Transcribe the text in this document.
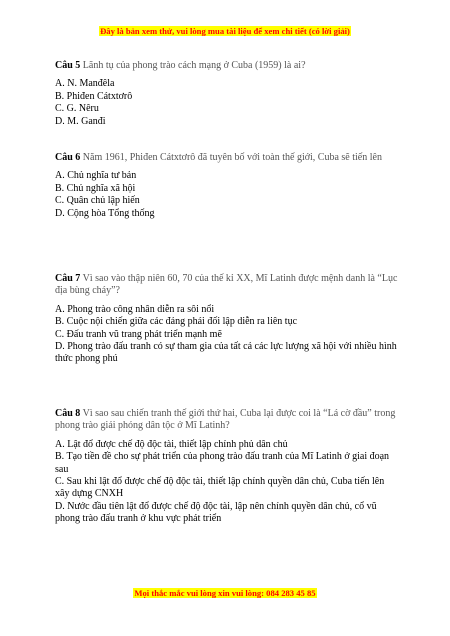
Đây là bản xem thử, vui lòng mua tài liệu để xem chi tiết (có lời giải)

Câu 5 Lãnh tụ của phong trào cách mạng ở Cuba (1959) là ai?

A. N. Manđêla
B. Phiđen Cátxtơrô
C. G. Nêru
D. M. Ganđi

Câu 6 Năm 1961, Phiđen Cátxtơrô đã tuyên bố với toàn thế giới, Cuba sẽ tiến lên

A. Chủ nghĩa tư bản
B. Chủ nghĩa xã hội
C. Quân chủ lập hiến
D. Cộng hòa Tổng thống

Câu 7 Vì sao vào thập niên 60, 70 của thế kỉ XX, Mĩ Latinh được mệnh danh là “Lục địa bùng cháy”?

A. Phong trào công nhân diễn ra sôi nổi
B. Cuộc nội chiến giữa các đảng phái đối lập diễn ra liên tục
C. Đấu tranh vũ trang phát triển mạnh mẽ
D. Phong trào đấu tranh có sự tham gia của tất cả các lực lượng xã hội với nhiều hình thức phong phú

Câu 8 Vì sao sau chiến tranh thế giới thứ hai, Cuba lại được coi là “Lá cờ đầu” trong phong trào giải phóng dân tộc ở Mĩ Latinh?

A. Lật đổ được chế độ độc tài, thiết lập chính phủ dân chủ
B. Tạo tiền đề cho sự phát triển của phong trào đấu tranh của Mĩ Latinh ở giai đoạn sau
C. Sau khi lật đổ được chế độ độc tài, thiết lập chính quyền dân chủ, Cuba tiến lên xây dựng CNXH
D. Nước đầu tiên lật đổ được chế độ độc tài, lập nên chính quyền dân chủ, cổ vũ phong trào đấu tranh ở khu vực phát triển
Mọi thắc mắc vui lòng xin vui lòng: 084 283 45 85
